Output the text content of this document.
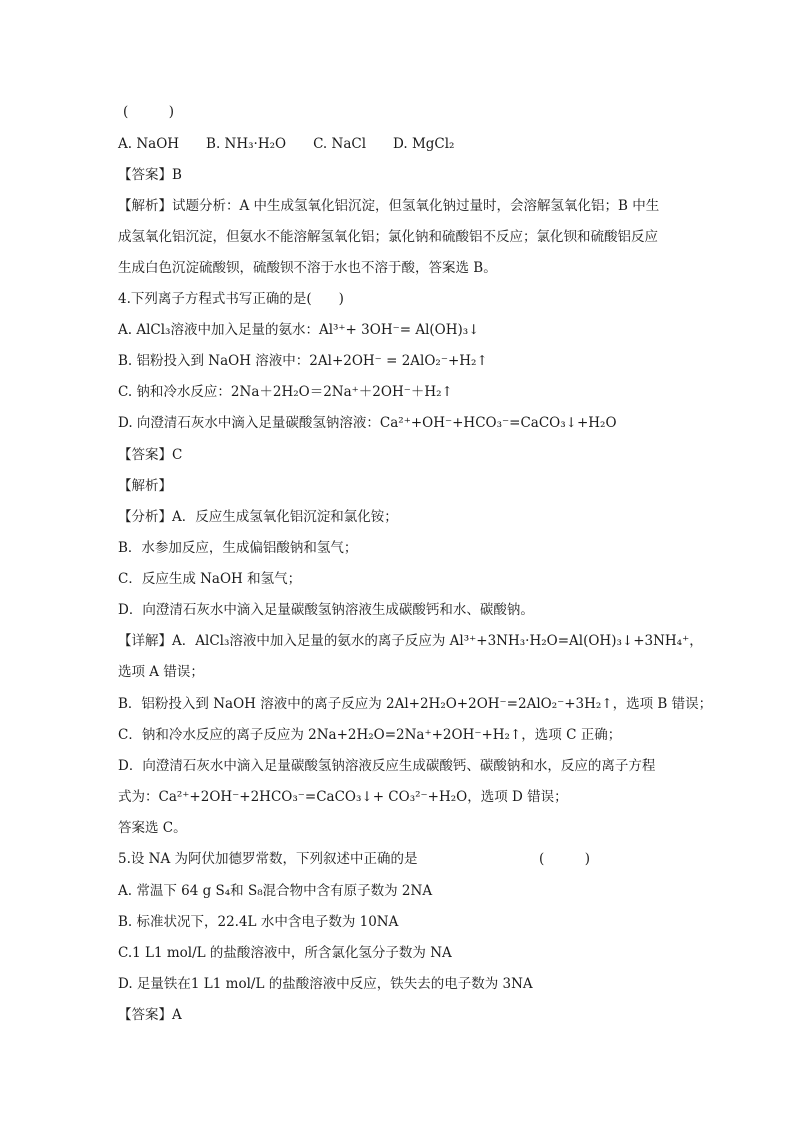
(　　　)
A. NaOH　　B. NH₃·H₂O　　C. NaCl　　D. MgCl₂
【答案】B
【解析】试题分析：A 中生成氢氧化铝沉淀，但氢氧化钠过量时，会溶解氢氧化铝；B 中生
成氢氧化铝沉淀，但氨水不能溶解氢氧化铝；氯化钠和硫酸铝不反应；氯化钡和硫酸铝反应
生成白色沉淀硫酸钡，硫酸钡不溶于水也不溶于酸，答案选 B。
4.下列离子方程式书写正确的是(　　)
A. AlCl₃溶液中加入足量的氨水：Al³⁺+ 3OH⁻= Al(OH)₃↓
B. 铝粉投入到 NaOH 溶液中：2Al+2OH⁻ = 2AlO₂⁻+H₂↑
C. 钠和冷水反应：2Na＋2H₂O＝2Na⁺＋2OH⁻＋H₂↑
D. 向澄清石灰水中滴入足量碳酸氢钠溶液：Ca²⁺+OH⁻+HCO₃⁻=CaCO₃↓+H₂O
【答案】C
【解析】
【分析】A．反应生成氢氧化铝沉淀和氯化铵；
B．水参加反应，生成偏铝酸钠和氢气；
C．反应生成 NaOH 和氢气；
D．向澄清石灰水中滴入足量碳酸氢钠溶液生成碳酸钙和水、碳酸钠。
【详解】A．AlCl₃溶液中加入足量的氨水的离子反应为 Al³⁺+3NH₃·H₂O=Al(OH)₃↓+3NH₄⁺，
选项 A 错误；
B．铝粉投入到 NaOH 溶液中的离子反应为 2Al+2H₂O+2OH⁻=2AlO₂⁻+3H₂↑，选项 B 错误；
C．钠和冷水反应的离子反应为 2Na+2H₂O=2Na⁺+2OH⁻+H₂↑，选项 C 正确；
D．向澄清石灰水中滴入足量碳酸氢钠溶液反应生成碳酸钙、碳酸钠和水，反应的离子方程
式为：Ca²⁺+2OH⁻+2HCO₃⁻=CaCO₃↓+ CO₃²⁻+H₂O，选项 D 错误；
答案选 C。
5.设 NA 为阿伏加德罗常数，下列叙述中正确的是　　　　　　　　　(　　　)
A. 常温下 64 g S₄和 S₈混合物中含有原子数为 2NA
B. 标准状况下，22.4L 水中含电子数为 10NA
C.1 L1 mol/L 的盐酸溶液中，所含氯化氢分子数为 NA
D. 足量铁在1 L1 mol/L 的盐酸溶液中反应，铁失去的电子数为 3NA
【答案】A
